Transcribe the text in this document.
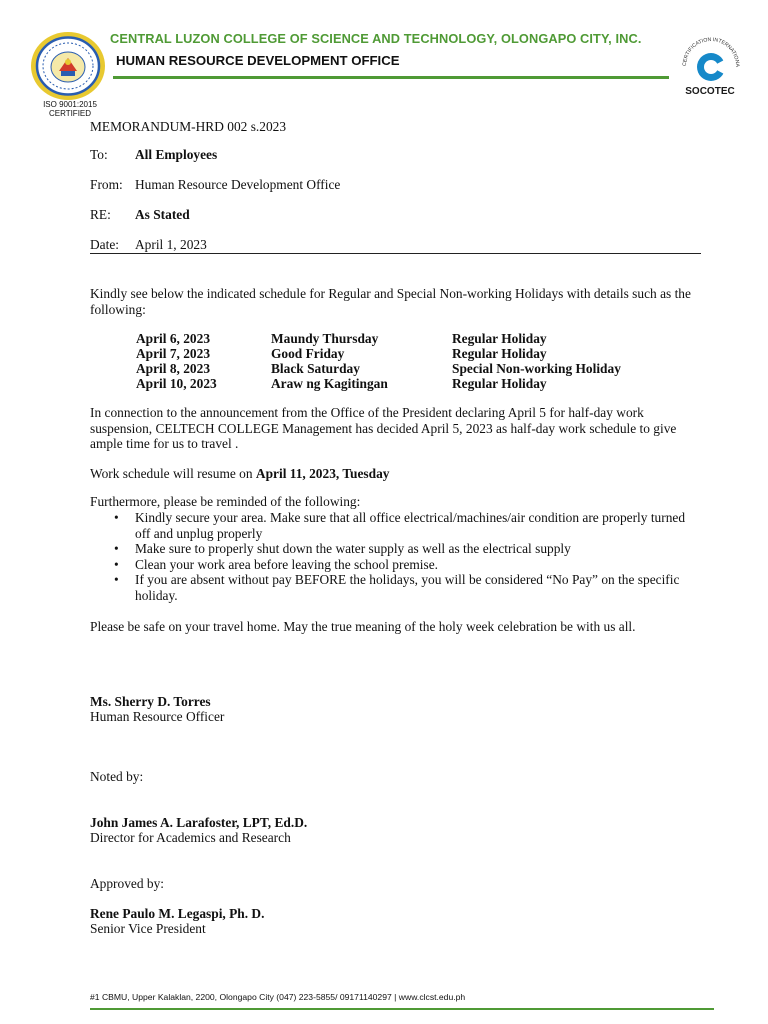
ISO 9001:2015
CERTIFIED
CENTRAL LUZON COLLEGE OF SCIENCE AND TECHNOLOGY, OLONGAPO CITY, INC.
HUMAN RESOURCE DEVELOPMENT OFFICE	CERTIFICATION INTERNATIONA
SOCOTEC
MEMORANDUM-HRD 002 s.2023
To: All Employees
From: Human Resource Development Office
RE: As Stated
Date: April 1, 2023

Kindly see below the indicated schedule for Regular and Special Non-working Holidays with details such as the following:

April 6, 2023	Maundy Thursday	Regular Holiday
April 7, 2023	Good Friday	Regular Holiday
April 8, 2023	Black Saturday	Special Non-working Holiday
April 10, 2023	Araw ng Kagitingan	Regular Holiday

In connection to the announcement from the Office of the President declaring April 5 for half-day work suspension, CELTECH COLLEGE Management has decided April 5, 2023 as half-day work schedule to give ample time for us to travel .

Work schedule will resume on April 11, 2023, Tuesday

Furthermore, please be reminded of the following:

• Kindly secure your area. Make sure that all office electrical/machines/air condition are properly turned off and unplug properly
• Make sure to properly shut down the water supply as well as the electrical supply
• Clean your work area before leaving the school premise.
• If you are absent without pay BEFORE the holidays, you will be considered “No Pay” on the specific holiday.

Please be safe on your travel home. May the true meaning of the holy week celebration be with us all.

Ms. Sherry D. Torres
Human Resource Officer
Noted by:
John James A. Larafoster, LPT, Ed.D.
Director for Academics and Research
Approved by:
Rene Paulo M. Legaspi, Ph. D.
Senior Vice President
#1 CBMU, Upper Kalaklan, 2200, Olongapo City (047) 223-5855/ 09171140297 | www.clcst.edu.ph
